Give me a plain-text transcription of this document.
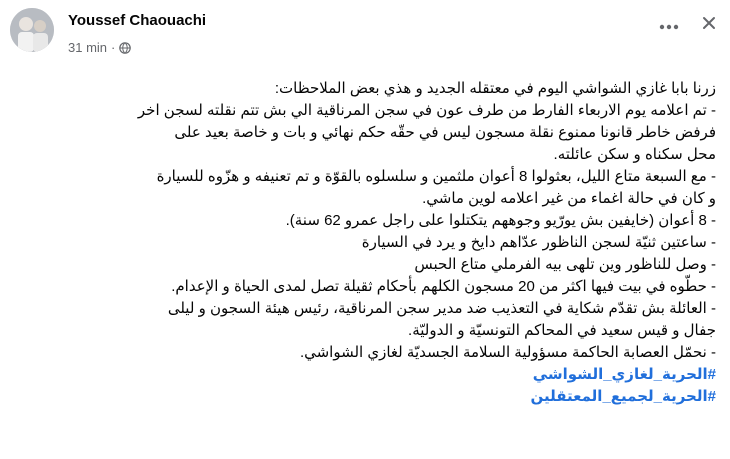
Youssef Chaouachi
31 min ·

زرنا بابا غازي الشواشي اليوم في معتقله الجديد و هذي بعض الملاحظات:

- تم اعلامه يوم الاربعاء الفارط من طرف عون في سجن المرناقية الي بش تتم نقلته لسجن اخر

فرفض خاطر قانونا ممنوع نقلة مسجون ليس في حقّه حكم نهائي و بات و خاصة بعيد على

محل سكناه و سكن عائلته.

- مع السبعة متاع الليل، بعثولوا 8 أعوان ملثمين و سلسلوه بالقوّة و تم تعنيفه و هزّوه للسيارة

و كان في حالة اغماء من غير اعلامه لوين ماشي.

- 8 أعوان (خايفين بش يورّيو وجوههم يتكتلوا على راجل عمرو 62 سنة).

- ساعتين ثنيّة لسجن الناظور عدّاهم دايخ و يرد في السيارة

- وصل للناظور وين تلهى بيه الفرملي متاع الحبس

- حطّوه في بيت فيها اكثر من 20 مسجون الكلهم بأحكام ثقيلة تصل لمدى الحياة و الإعدام.

- العائلة بش تقدّم شكاية في التعذيب ضد مدير سجن المرناقية، رئيس هيئة السجون و ليلى

جفال و قيس سعيد في المحاكم التونسيّة و الدوليّة.

- نحمّل العصابة الحاكمة مسؤولية السلامة الجسديّة لغازي الشواشي.

#الحرية_لغازي_الشواشي
#الحرية_لجميع_المعتقلين
